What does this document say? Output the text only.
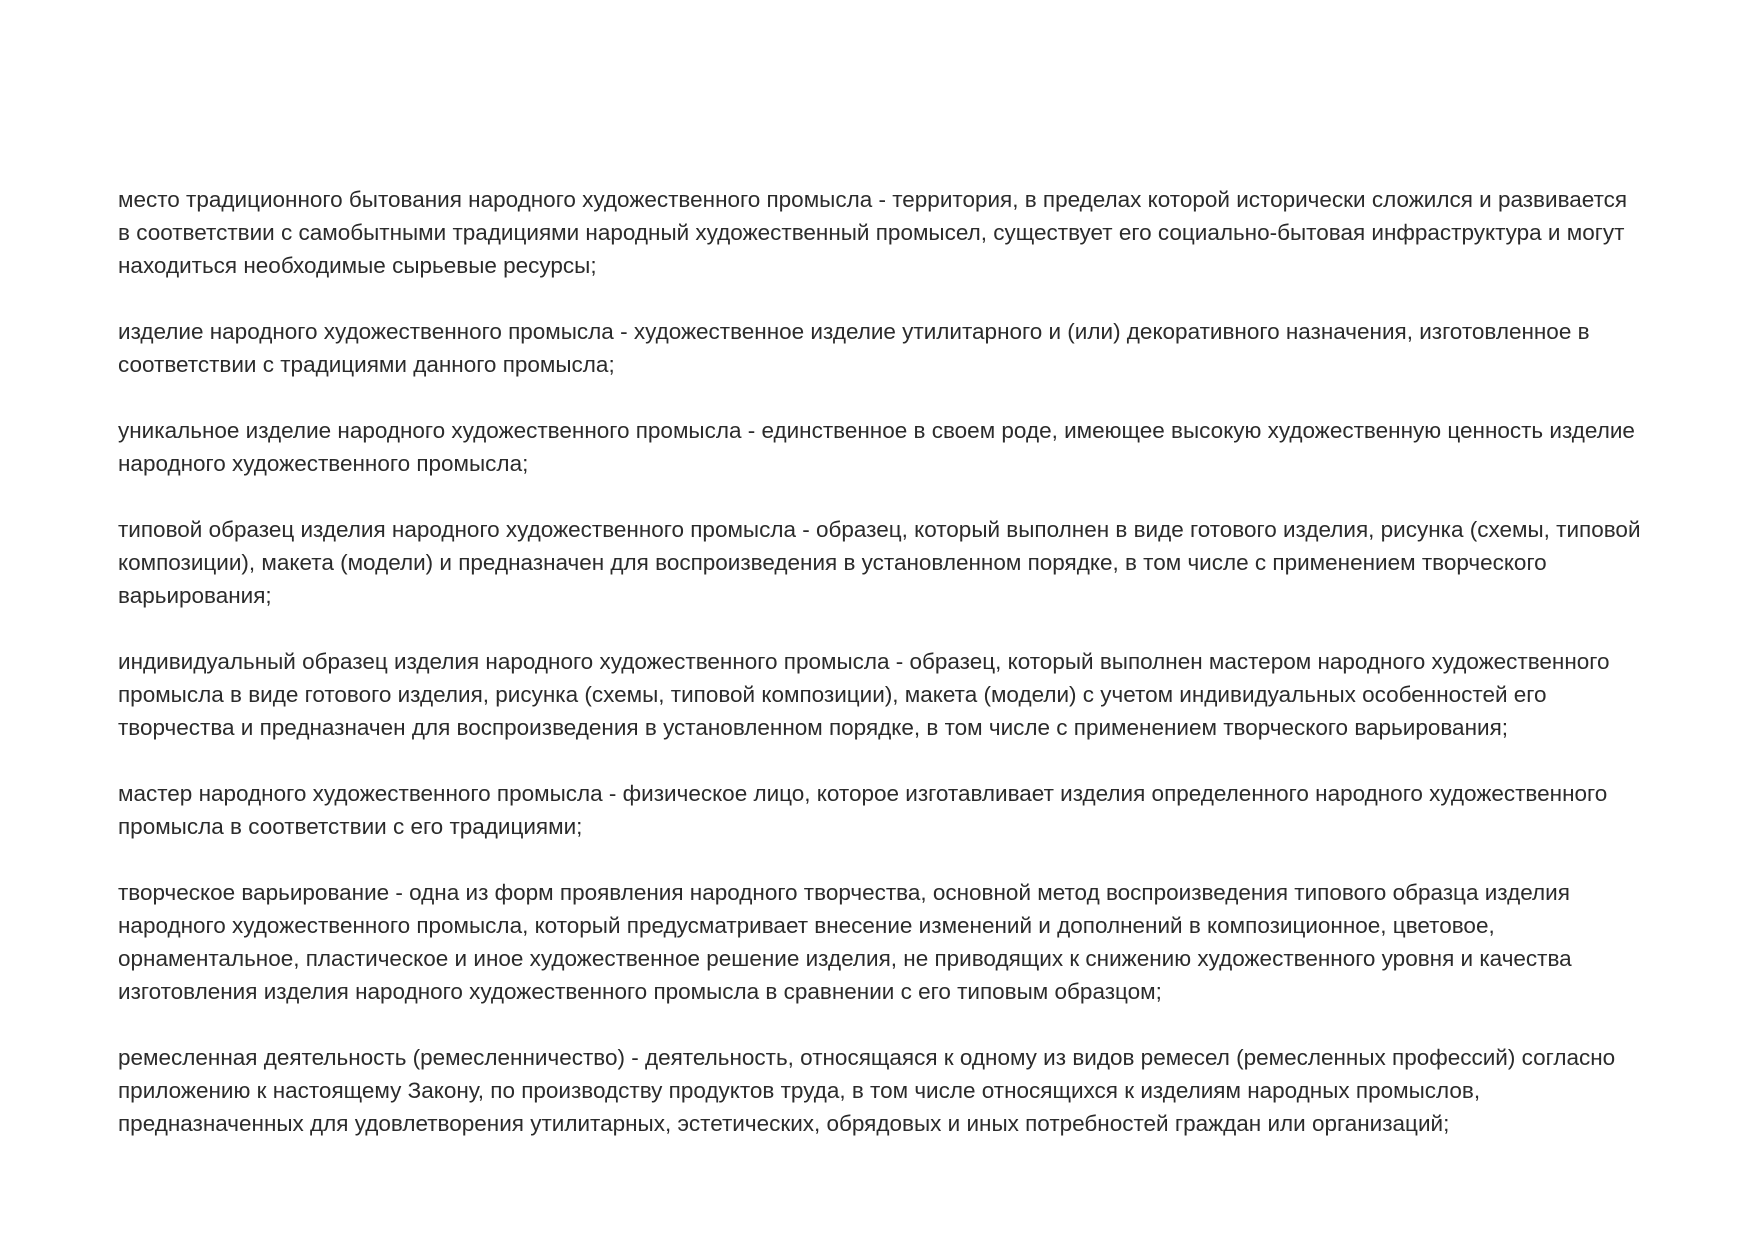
место традиционного бытования народного художественного промысла - территория, в пределах которой исторически сложился и развивается
в соответствии с самобытными традициями народный художественный промысел, существует его социально-бытовая инфраструктура и могут
находиться необходимые сырьевые ресурсы;
изделие народного художественного промысла - художественное изделие утилитарного и (или) декоративного назначения, изготовленное в
соответствии с традициями данного промысла;
уникальное изделие народного художественного промысла - единственное в своем роде, имеющее высокую художественную ценность изделие
народного художественного промысла;
типовой образец изделия народного художественного промысла - образец, который выполнен в виде готового изделия, рисунка (схемы, типовой
композиции), макета (модели) и предназначен для воспроизведения в установленном порядке, в том числе с применением творческого
варьирования;
индивидуальный образец изделия народного художественного промысла - образец, который выполнен мастером народного художественного
промысла в виде готового изделия, рисунка (схемы, типовой композиции), макета (модели) с учетом индивидуальных особенностей его
творчества и предназначен для воспроизведения в установленном порядке, в том числе с применением творческого варьирования;
мастер народного художественного промысла - физическое лицо, которое изготавливает изделия определенного народного художественного
промысла в соответствии с его традициями;
творческое варьирование - одна из форм проявления народного творчества, основной метод воспроизведения типового образца изделия
народного художественного промысла, который предусматривает внесение изменений и дополнений в композиционное, цветовое,
орнаментальное, пластическое и иное художественное решение изделия, не приводящих к снижению художественного уровня и качества
изготовления изделия народного художественного промысла в сравнении с его типовым образцом;
ремесленная деятельность (ремесленничество) - деятельность, относящаяся к одному из видов ремесел (ремесленных профессий) согласно
приложению к настоящему Закону, по производству продуктов труда, в том числе относящихся к изделиям народных промыслов,
предназначенных для удовлетворения утилитарных, эстетических, обрядовых и иных потребностей граждан или организаций;
